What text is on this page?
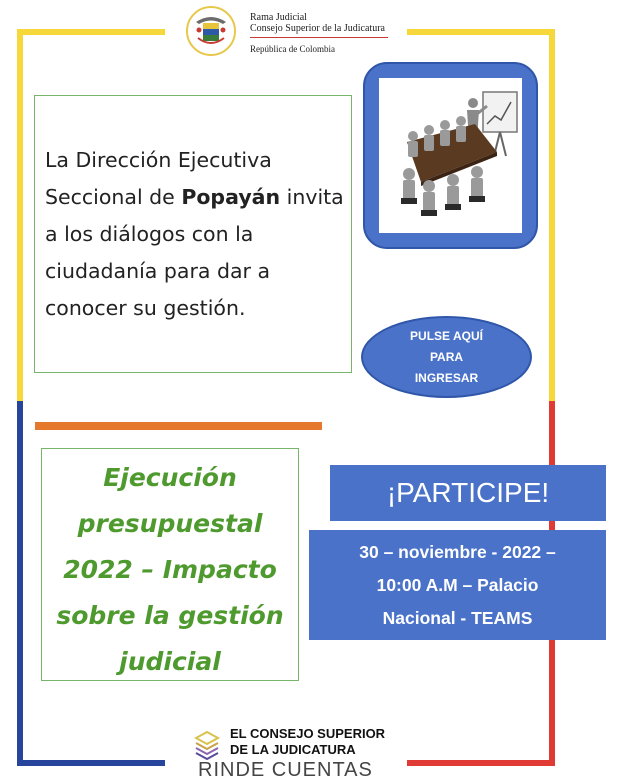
Rama Judicial
Consejo Superior de la Judicatura
República de Colombia
La Dirección Ejecutiva Seccional de Popayán invita a los diálogos con la ciudadanía para dar a conocer su gestión.
PULSE AQUÍ
PARA
INGRESAR
Ejecución
presupuestal
2022 – Impacto
sobre la gestión
judicial
¡PARTICIPE!
30 – noviembre - 2022 –
10:00 A.M – Palacio
Nacional - TEAMS
EL CONSEJO SUPERIOR
DE LA JUDICATURA
RINDE CUENTAS
